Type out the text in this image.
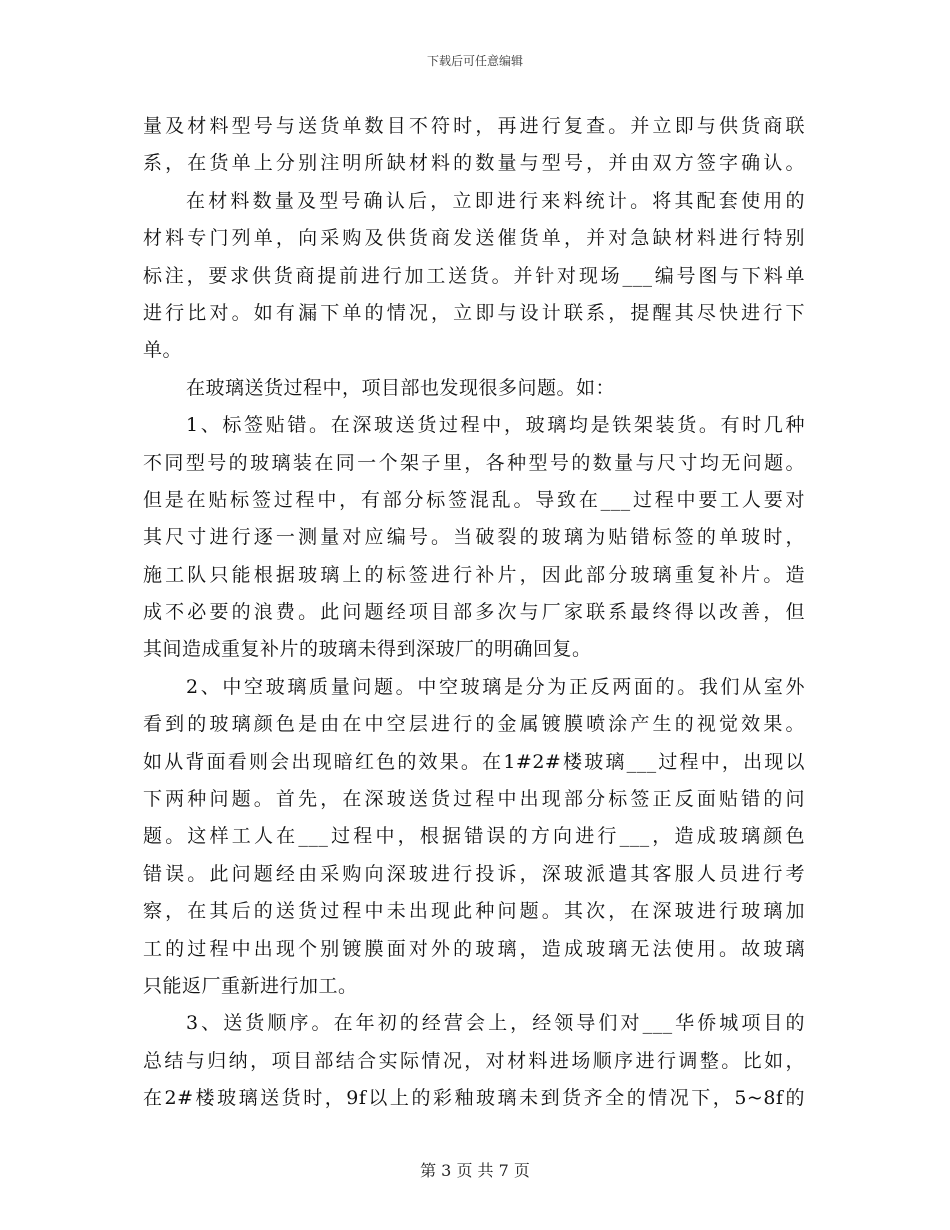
下载后可任意编辑
量及材料型号与送货单数目不符时，再进行复查。并立即与供货商联
系，在货单上分别注明所缺材料的数量与型号，并由双方签字确认。
在材料数量及型号确认后，立即进行来料统计。将其配套使用的
材料专门列单，向采购及供货商发送催货单，并对急缺材料进行特别
标注，要求供货商提前进行加工送货。并针对现场___编号图与下料单
进行比对。如有漏下单的情况，立即与设计联系，提醒其尽快进行下
单。
在玻璃送货过程中，项目部也发现很多问题。如：
1、标签贴错。在深玻送货过程中，玻璃均是铁架装货。有时几种
不同型号的玻璃装在同一个架子里，各种型号的数量与尺寸均无问题。
但是在贴标签过程中，有部分标签混乱。导致在___过程中要工人要对
其尺寸进行逐一测量对应编号。当破裂的玻璃为贴错标签的单玻时，
施工队只能根据玻璃上的标签进行补片，因此部分玻璃重复补片。造
成不必要的浪费。此问题经项目部多次与厂家联系最终得以改善，但
其间造成重复补片的玻璃未得到深玻厂的明确回复。
2、中空玻璃质量问题。中空玻璃是分为正反两面的。我们从室外
看到的玻璃颜色是由在中空层进行的金属镀膜喷涂产生的视觉效果。
如从背面看则会出现暗红色的效果。在1#2#楼玻璃___过程中，出现以
下两种问题。首先，在深玻送货过程中出现部分标签正反面贴错的问
题。这样工人在___过程中，根据错误的方向进行___，造成玻璃颜色
错误。此问题经由采购向深玻进行投诉，深玻派遣其客服人员进行考
察，在其后的送货过程中未出现此种问题。其次，在深玻进行玻璃加
工的过程中出现个别镀膜面对外的玻璃，造成玻璃无法使用。故玻璃
只能返厂重新进行加工。
3、送货顺序。在年初的经营会上，经领导们对___华侨城项目的
总结与归纳，项目部结合实际情况，对材料进场顺序进行调整。比如，
在2#楼玻璃送货时，9f以上的彩釉玻璃未到货齐全的情况下，5~8f的
第 3 页 共 7 页
